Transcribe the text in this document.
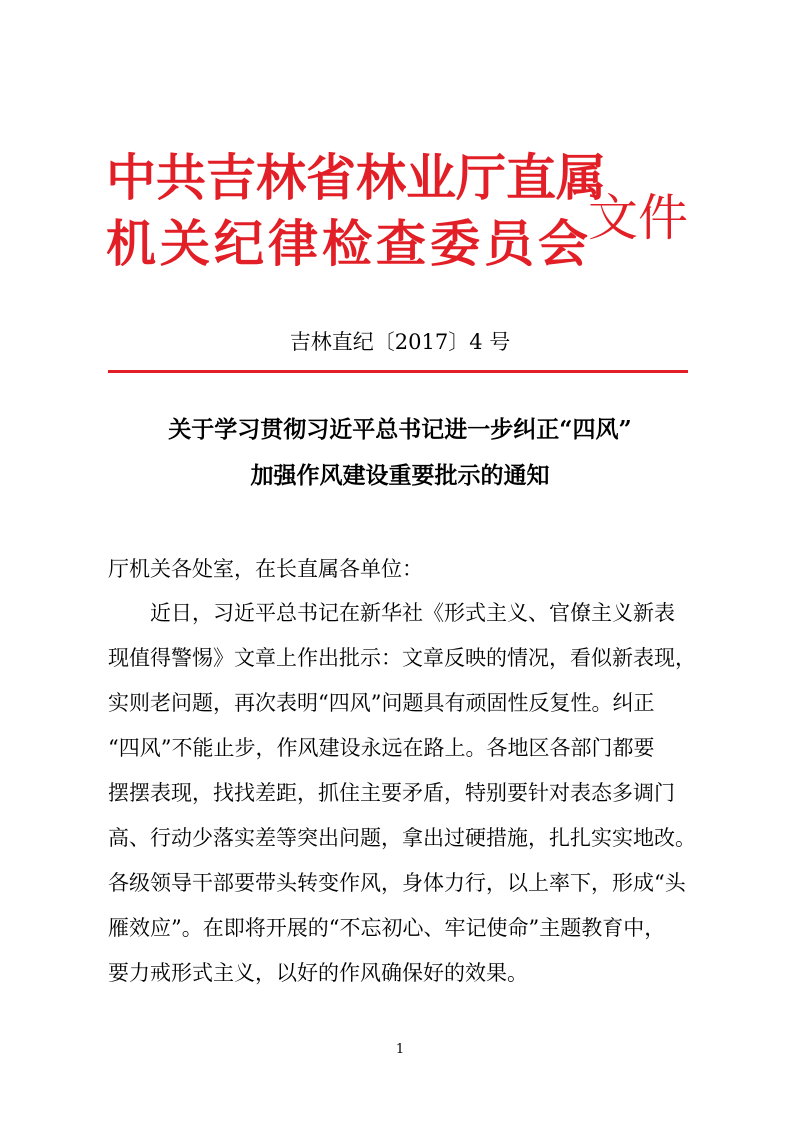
中共吉林省林业厅直属
机关纪律检查委员会
文件
吉林直纪〔2017〕4 号
关于学习贯彻习近平总书记进一步纠正“四风”
加强作风建设重要批示的通知
厅机关各处室，在长直属各单位：
　　近日，习近平总书记在新华社《形式主义、官僚主义新表
现值得警惕》文章上作出批示：文章反映的情况，看似新表现，
实则老问题，再次表明“四风”问题具有顽固性反复性。纠正
“四风”不能止步，作风建设永远在路上。各地区各部门都要
摆摆表现，找找差距，抓住主要矛盾，特别要针对表态多调门
高、行动少落实差等突出问题，拿出过硬措施，扎扎实实地改。
各级领导干部要带头转变作风，身体力行，以上率下，形成“头
雁效应”。在即将开展的“不忘初心、牢记使命”主题教育中，
要力戒形式主义，以好的作风确保好的效果。
1
